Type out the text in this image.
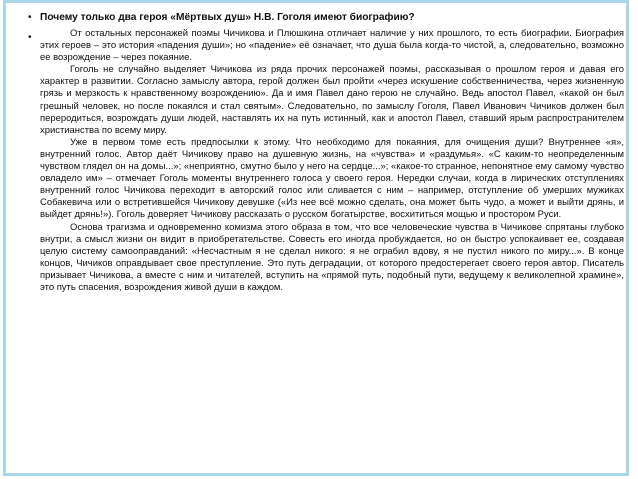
• Почему только два героя «Мёртвых душ» Н.В. Гоголя имеют биографию?
•	От остальных персонажей поэмы Чичикова и Плюшкина отличает наличие у них прошлого, то есть биографии. Биография этих героев – это история «падения души»; но «падение» её означает, что душа была когда-то чистой, а, следовательно, возможно ее возрождение – через покаяние.

Гоголь не случайно выделяет Чичикова из ряда прочих персонажей поэмы, рассказывая о прошлом героя и давая его характер в развитии. Согласно замыслу автора, герой должен был пройти «через искушение собственничества, через жизненную грязь и мерзкость к нравственному возрождению». Да и имя Павел дано герою не случайно. Ведь апостол Павел, «какой он был грешный человек, но после покаялся и стал святым». Следовательно, по замыслу Гоголя, Павел Иванович Чичиков должен был переродиться, возрождать души людей, наставлять их на путь истинный, как и апостол Павел, ставший ярым распространителем христианства по всему миру.

Уже в первом томе есть предпосылки к этому. Что необходимо для покаяния, для очищения души? Внутреннее «я», внутренний голос. Автор даёт Чичикову право на душевную жизнь, на «чувства» и «раздумья». «С каким-то неопределенным чувством глядел он на домы...»; «неприятно, смутно было у него на сердце...»; «какое-то странное, непонятное ему самому чувство овладело им» – отмечает Гоголь моменты внутреннего голоса у своего героя. Нередки случаи, когда в лирических отступлениях внутренний голос Чичикова переходит в авторский голос или сливается с ним – например, отступление об умерших мужиках Собакевича или о встретившейся Чичикову девушке («Из нее всё можно сделать, она может быть чудо, а может и выйти дрянь, и выйдет дрянь!»). Гоголь доверяет Чичикову рассказать о русском богатырстве, восхититься мощью и простором Руси.

Основа трагизма и одновременно комизма этого образа в том, что все человеческие чувства в Чичикове спрятаны глубоко внутри, а смысл жизни он видит в приобретательстве. Совесть его иногда пробуждается, но он быстро успокаивает ее, создавая целую систему самооправданий: «Несчастным я не сделал никого: я не ограбил вдову, я не пустил никого по миру...». В конце концов, Чичиков оправдывает свое преступление. Это путь деградации, от которого предостерегает своего героя автор. Писатель призывает Чичикова, а вместе с ним и читателей, вступить на «прямой путь, подобный пути, ведущему к великолепной храмине», это путь спасения, возрождения живой души в каждом.
